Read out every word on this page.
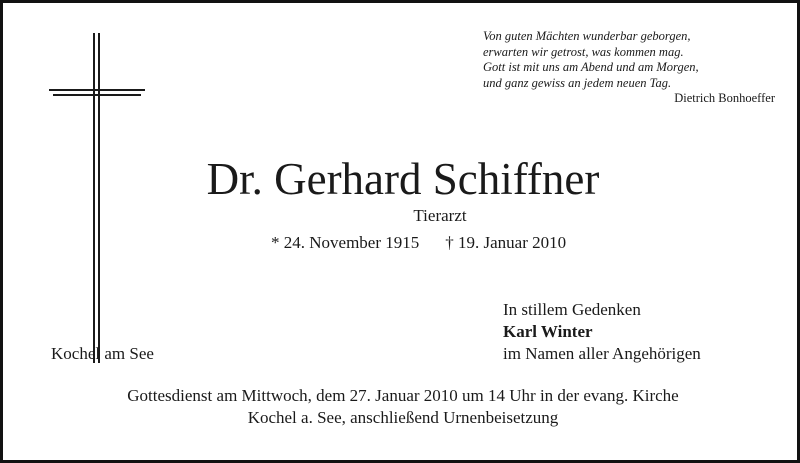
Von guten Mächten wunderbar geborgen,
erwarten wir getrost, was kommen mag.
Gott ist mit uns am Abend und am Morgen,
und ganz gewiss an jedem neuen Tag.
Dietrich Bonhoeffer
Dr. Gerhard Schiffner
Tierarzt
* 24. November 1915 † 19. Januar 2010
In stillem Gedenken
Karl Winter
im Namen aller Angehörigen
Kochel am See
Gottesdienst am Mittwoch, dem 27. Januar 2010 um 14 Uhr in der evang. Kirche
Kochel a. See, anschließend Urnenbeisetzung
